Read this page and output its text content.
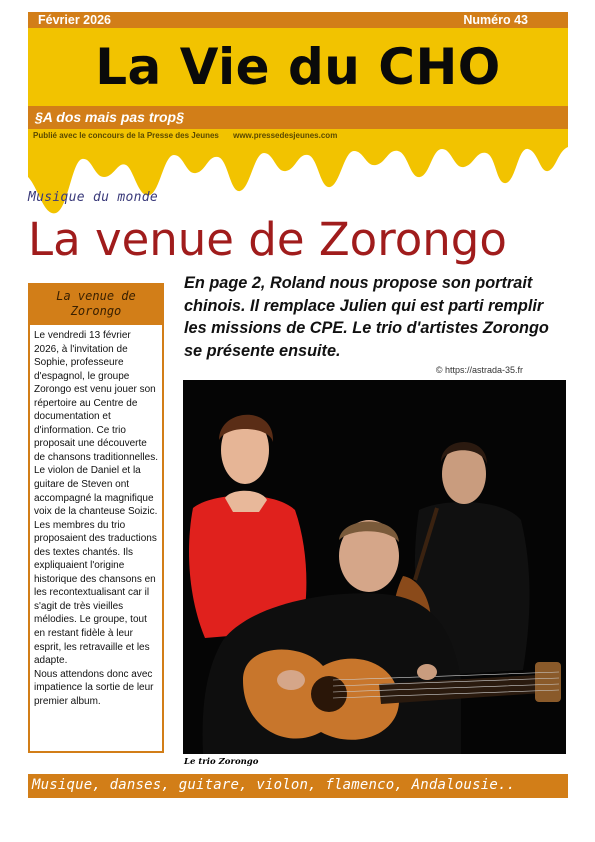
Février 2026	Numéro 43
La Vie du CHO
§A dos mais pas trop§
Publié avec le concours de la Presse des Jeunes www.pressedesjeunes.com
Musique du monde
La venue de Zorongo
La venue de Zorongo
Le vendredi 13 février 2026, à l'invitation de Sophie, professeure d'espagnol, le groupe Zorongo est venu jouer son répertoire au Centre de documentation et d'information. Ce trio proposait une découverte de chansons traditionnelles. Le violon de Daniel et la guitare de Steven ont accompagné la magnifique voix de la chanteuse Soizic.
Les membres du trio proposaient des traductions des textes chantés. Ils expliquaient l'origine historique des chansons en les recontextualisant car il s'agit de très vieilles mélodies. Le groupe, tout en restant fidèle à leur esprit, les retravaille et les adapte.
Nous attendons donc avec impatience la sortie de leur premier album.
En page 2, Roland nous propose son portrait chinois. Il remplace Julien qui est parti remplir les missions de CPE. Le trio d'artistes Zorongo se présente ensuite.
© https://astrada-35.fr
Le trio Zorongo
Musique, danses, guitare, violon, flamenco, Andalousie..
